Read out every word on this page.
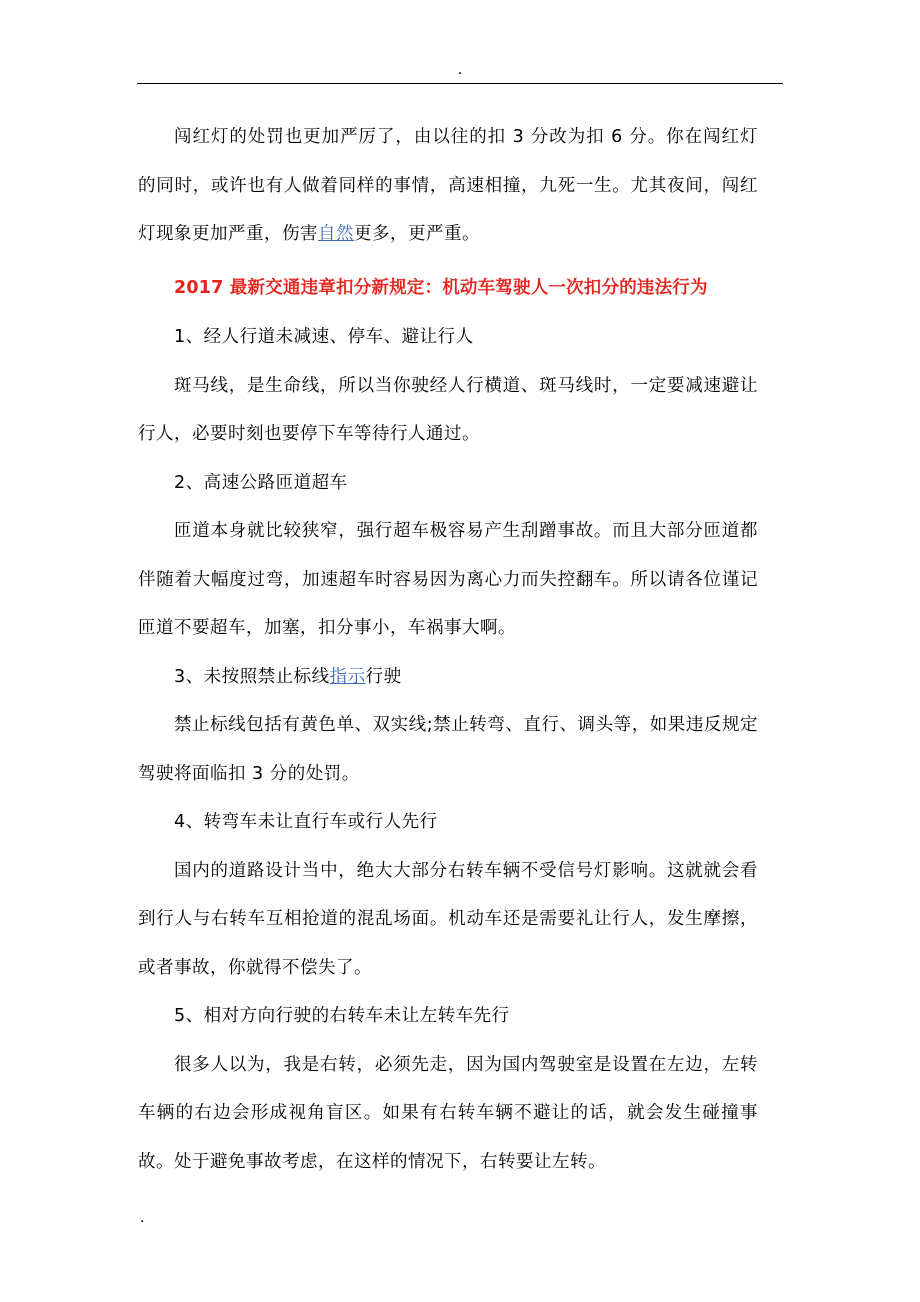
.

闯红灯的处罚也更加严厉了，由以往的扣 3 分改为扣 6 分。你在闯红灯的同时，或许也有人做着同样的事情，高速相撞，九死一生。尤其夜间，闯红灯现象更加严重，伤害自然更多，更严重。

2017 最新交通违章扣分新规定：机动车驾驶人一次扣分的违法行为

1、经人行道未减速、停车、避让行人

斑马线，是生命线，所以当你驶经人行横道、斑马线时，一定要减速避让行人，必要时刻也要停下车等待行人通过。

2、高速公路匝道超车

匝道本身就比较狭窄，强行超车极容易产生刮蹭事故。而且大部分匝道都伴随着大幅度过弯，加速超车时容易因为离心力而失控翻车。所以请各位谨记匝道不要超车，加塞，扣分事小，车祸事大啊。

3、未按照禁止标线指示行驶

禁止标线包括有黄色单、双实线;禁止转弯、直行、调头等，如果违反规定驾驶将面临扣 3 分的处罚。

4、转弯车未让直行车或行人先行

国内的道路设计当中，绝大大部分右转车辆不受信号灯影响。这就就会看到行人与右转车互相抢道的混乱场面。机动车还是需要礼让行人，发生摩擦，或者事故，你就得不偿失了。

5、相对方向行驶的右转车未让左转车先行

很多人以为，我是右转，必须先走，因为国内驾驶室是设置在左边，左转车辆的右边会形成视角盲区。如果有右转车辆不避让的话，就会发生碰撞事故。处于避免事故考虑，在这样的情况下，右转要让左转。

.
